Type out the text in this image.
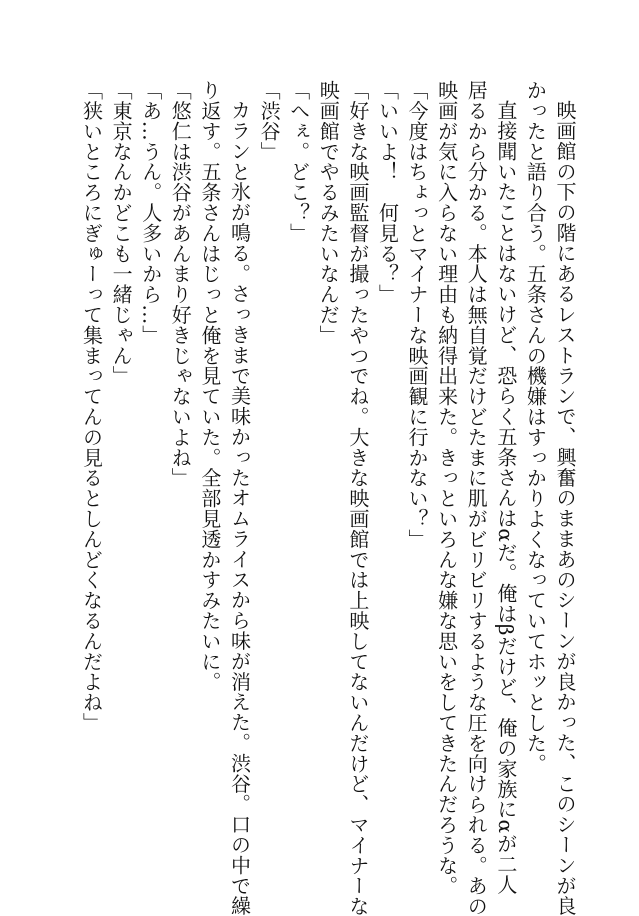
映画館の下の階にあるレストランで、興奮のままあのシーンが良かった、このシーンが良

かったと語り合う。五条さんの機嫌はすっかりよくなっていてホッとした。

直接聞いたことはないけど、恐らく五条さんはαだ。俺はβだけど、俺の家族にαが二人

居るから分かる。本人は無自覚だけどたまに肌がビリビリするような圧を向けられる。あの

映画が気に入らない理由も納得出来た。きっといろんな嫌な思いをしてきたんだろうな。

「今度はちょっとマイナーな映画観に行かない？」

「いいよ！　何見る？」

「好きな映画監督が撮ったやつでね。大きな映画館では上映してないんだけど、マイナーな

映画館でやるみたいなんだ」

「へぇ。どこ？」

「渋谷」

カランと氷が鳴る。さっきまで美味かったオムライスから味が消えた。渋谷。口の中で繰

り返す。五条さんはじっと俺を見ていた。全部見透かすみたいに。

「悠仁は渋谷があんまり好きじゃないよね」

「あ…うん。人多いから…」

「東京なんかどこも一緒じゃん」

「狭いところにぎゅーって集まってんの見るとしんどくなるんだよね」
